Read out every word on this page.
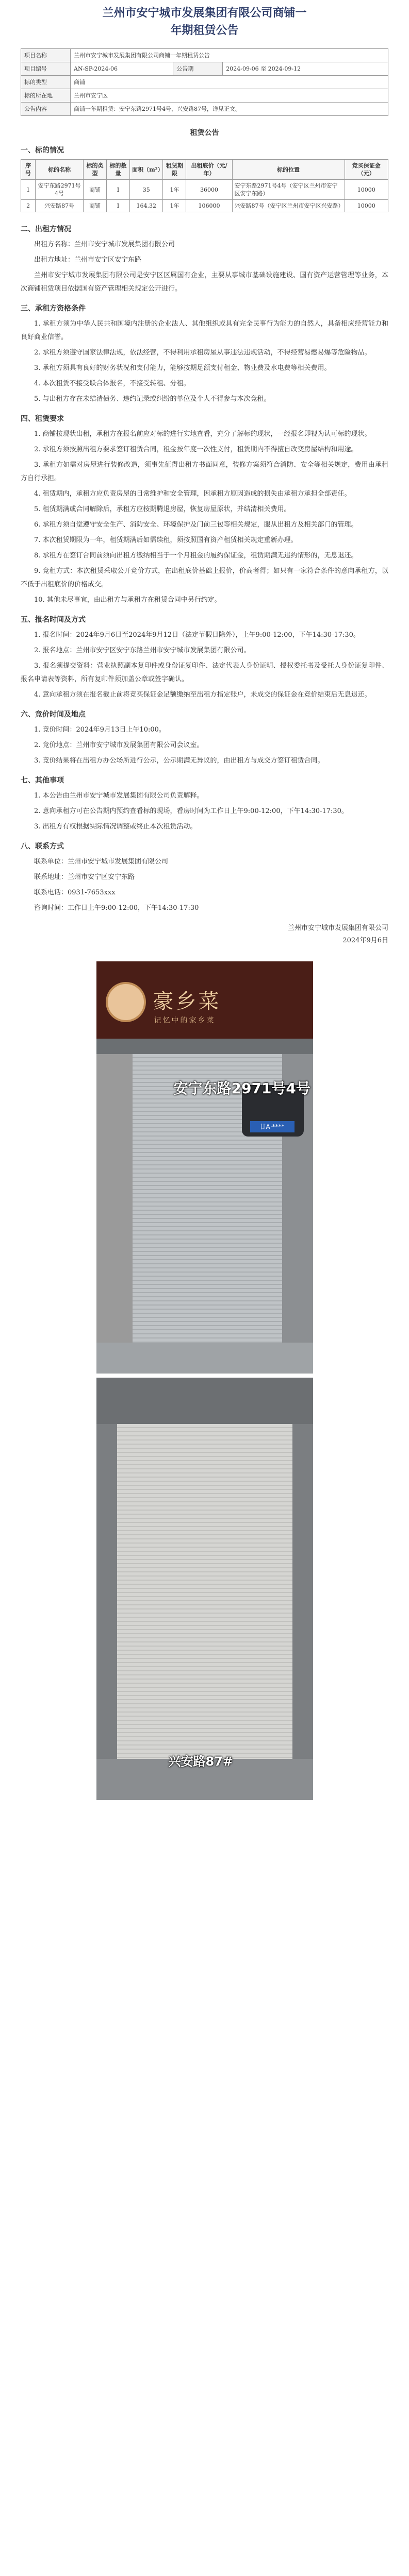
兰州市安宁城市发展集团有限公司商铺一
年期租赁公告
项目名称	兰州市安宁城市发展集团有限公司商铺一年期租赁公告		
项目编号	AN-SP-2024-06	公告期	2024-09-06 至 2024-09-12
标的类型	商铺		
标的所在地	兰州市安宁区		
公告内容	商铺一年期租赁：安宁东路2971号4号、兴安路87号，详见正文。		
租赁公告
一、标的情况
序号	标的名称	标的类型	标的数量	面积（m²）	租赁期限	出租底价（元/年）	标的位置	竞买保证金（元）
1	安宁东路2971号4号	商铺	1	35	1年	36000	安宁东路2971号4号（安宁区兰州市安宁区安宁东路）	10000
2	兴安路87号	商铺	1	164.32	1年	106000	兴安路87号（安宁区兰州市安宁区兴安路）	10000
二、出租方情况

出租方名称：兰州市安宁城市发展集团有限公司

出租方地址：兰州市安宁区安宁东路

兰州市安宁城市发展集团有限公司是安宁区区属国有企业，主要从事城市基础设施建设、国有资产运营管理等业务，本次商铺租赁项目依据国有资产管理相关规定公开进行。

三、承租方资格条件

1. 承租方须为中华人民共和国境内注册的企业法人、其他组织或具有完全民事行为能力的自然人，具备相应经营能力和良好商业信誉。

2. 承租方须遵守国家法律法规，依法经营，不得利用承租房屋从事违法违规活动，不得经营易燃易爆等危险物品。

3. 承租方须具有良好的财务状况和支付能力，能够按期足额支付租金、物业费及水电费等相关费用。

4. 本次租赁不接受联合体报名，不接受转租、分租。

5. 与出租方存在未结清债务、违约记录或纠纷的单位及个人不得参与本次竞租。

四、租赁要求

1. 商铺按现状出租，承租方在报名前应对标的进行实地查看，充分了解标的现状，一经报名即视为认可标的现状。

2. 承租方须按照出租方要求签订租赁合同，租金按年度一次性支付，租赁期内不得擅自改变房屋结构和用途。

3. 承租方如需对房屋进行装修改造，须事先征得出租方书面同意，装修方案须符合消防、安全等相关规定，费用由承租方自行承担。

4. 租赁期内，承租方应负责房屋的日常维护和安全管理，因承租方原因造成的损失由承租方承担全部责任。

5. 租赁期满或合同解除后，承租方应按期腾退房屋，恢复房屋原状，并结清相关费用。

6. 承租方须自觉遵守安全生产、消防安全、环境保护及门前三包等相关规定，服从出租方及相关部门的管理。

7. 本次租赁期限为一年，租赁期满后如需续租，须按照国有资产租赁相关规定重新办理。

8. 承租方在签订合同前须向出租方缴纳相当于一个月租金的履约保证金，租赁期满无违约情形的，无息退还。

9. 竞租方式：本次租赁采取公开竞价方式，在出租底价基础上报价，价高者得；如只有一家符合条件的意向承租方，以不低于出租底价的价格成交。

10. 其他未尽事宜，由出租方与承租方在租赁合同中另行约定。

五、报名时间及方式

1. 报名时间：2024年9月6日至2024年9月12日（法定节假日除外），上午9:00-12:00，下午14:30-17:30。

2. 报名地点：兰州市安宁区安宁东路兰州市安宁城市发展集团有限公司。

3. 报名须提交资料：营业执照副本复印件或身份证复印件、法定代表人身份证明、授权委托书及受托人身份证复印件、报名申请表等资料，所有复印件须加盖公章或签字确认。

4. 意向承租方须在报名截止前将竞买保证金足额缴纳至出租方指定账户，未成交的保证金在竞价结束后无息退还。

六、竞价时间及地点

1. 竞价时间：2024年9月13日上午10:00。

2. 竞价地点：兰州市安宁城市发展集团有限公司会议室。

3. 竞价结果将在出租方办公场所进行公示，公示期满无异议的，由出租方与成交方签订租赁合同。

七、其他事项

1. 本公告由兰州市安宁城市发展集团有限公司负责解释。

2. 意向承租方可在公告期内预约查看标的现场，看房时间为工作日上午9:00-12:00，下午14:30-17:30。

3. 出租方有权根据实际情况调整或终止本次租赁活动。

八、联系方式

联系单位：兰州市安宁城市发展集团有限公司

联系地址：兰州市安宁区安宁东路

联系电话：0931-7653xxx

咨询时间：工作日上午9:00-12:00，下午14:30-17:30

兰州市安宁城市发展集团有限公司
2024年9月6日
豪乡菜
记忆中的家乡菜
甘A·****
安宁东路2971号4号
兴安路87#
